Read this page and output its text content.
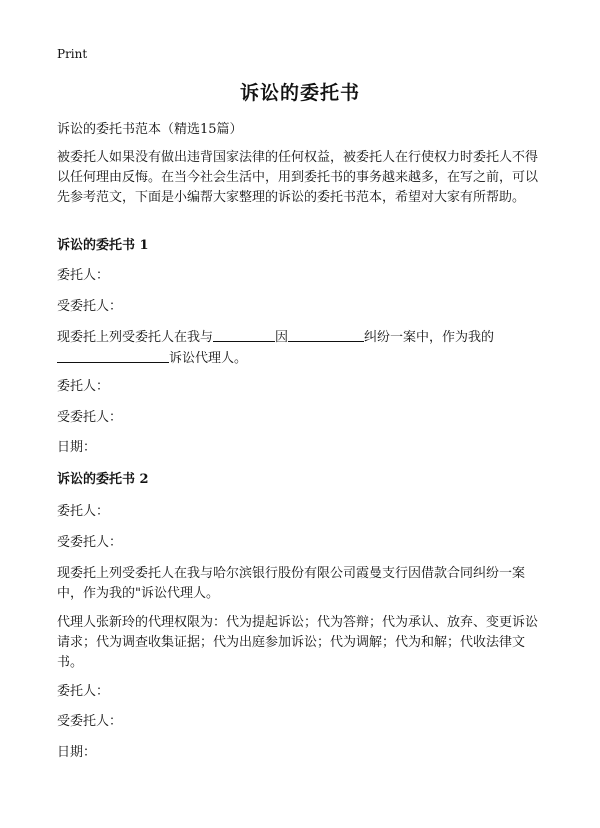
Print
诉讼的委托书
诉讼的委托书范本（精选15篇）
被委托人如果没有做出违背国家法律的任何权益，被委托人在行使权力时委托人不得以任何理由反悔。在当今社会生活中，用到委托书的事务越来越多，在写之前，可以先参考范文，下面是小编帮大家整理的诉讼的委托书范本，希望对大家有所帮助。
诉讼的委托书 1
委托人：
受委托人：
现委托上列受委托人在我与	因	纠纷一案中，作为我的
诉讼代理人。
委托人：
受委托人：
日期：
诉讼的委托书 2
委托人：
受委托人：
现委托上列受委托人在我与哈尔滨银行股份有限公司霞曼支行因借款合同纠纷一案中，作为我的"诉讼代理人。
代理人张新玲的代理权限为：代为提起诉讼；代为答辩；代为承认、放弃、变更诉讼请求；代为调查收集证据；代为出庭参加诉讼；代为调解；代为和解；代收法律文书。
委托人：
受委托人：
日期：
